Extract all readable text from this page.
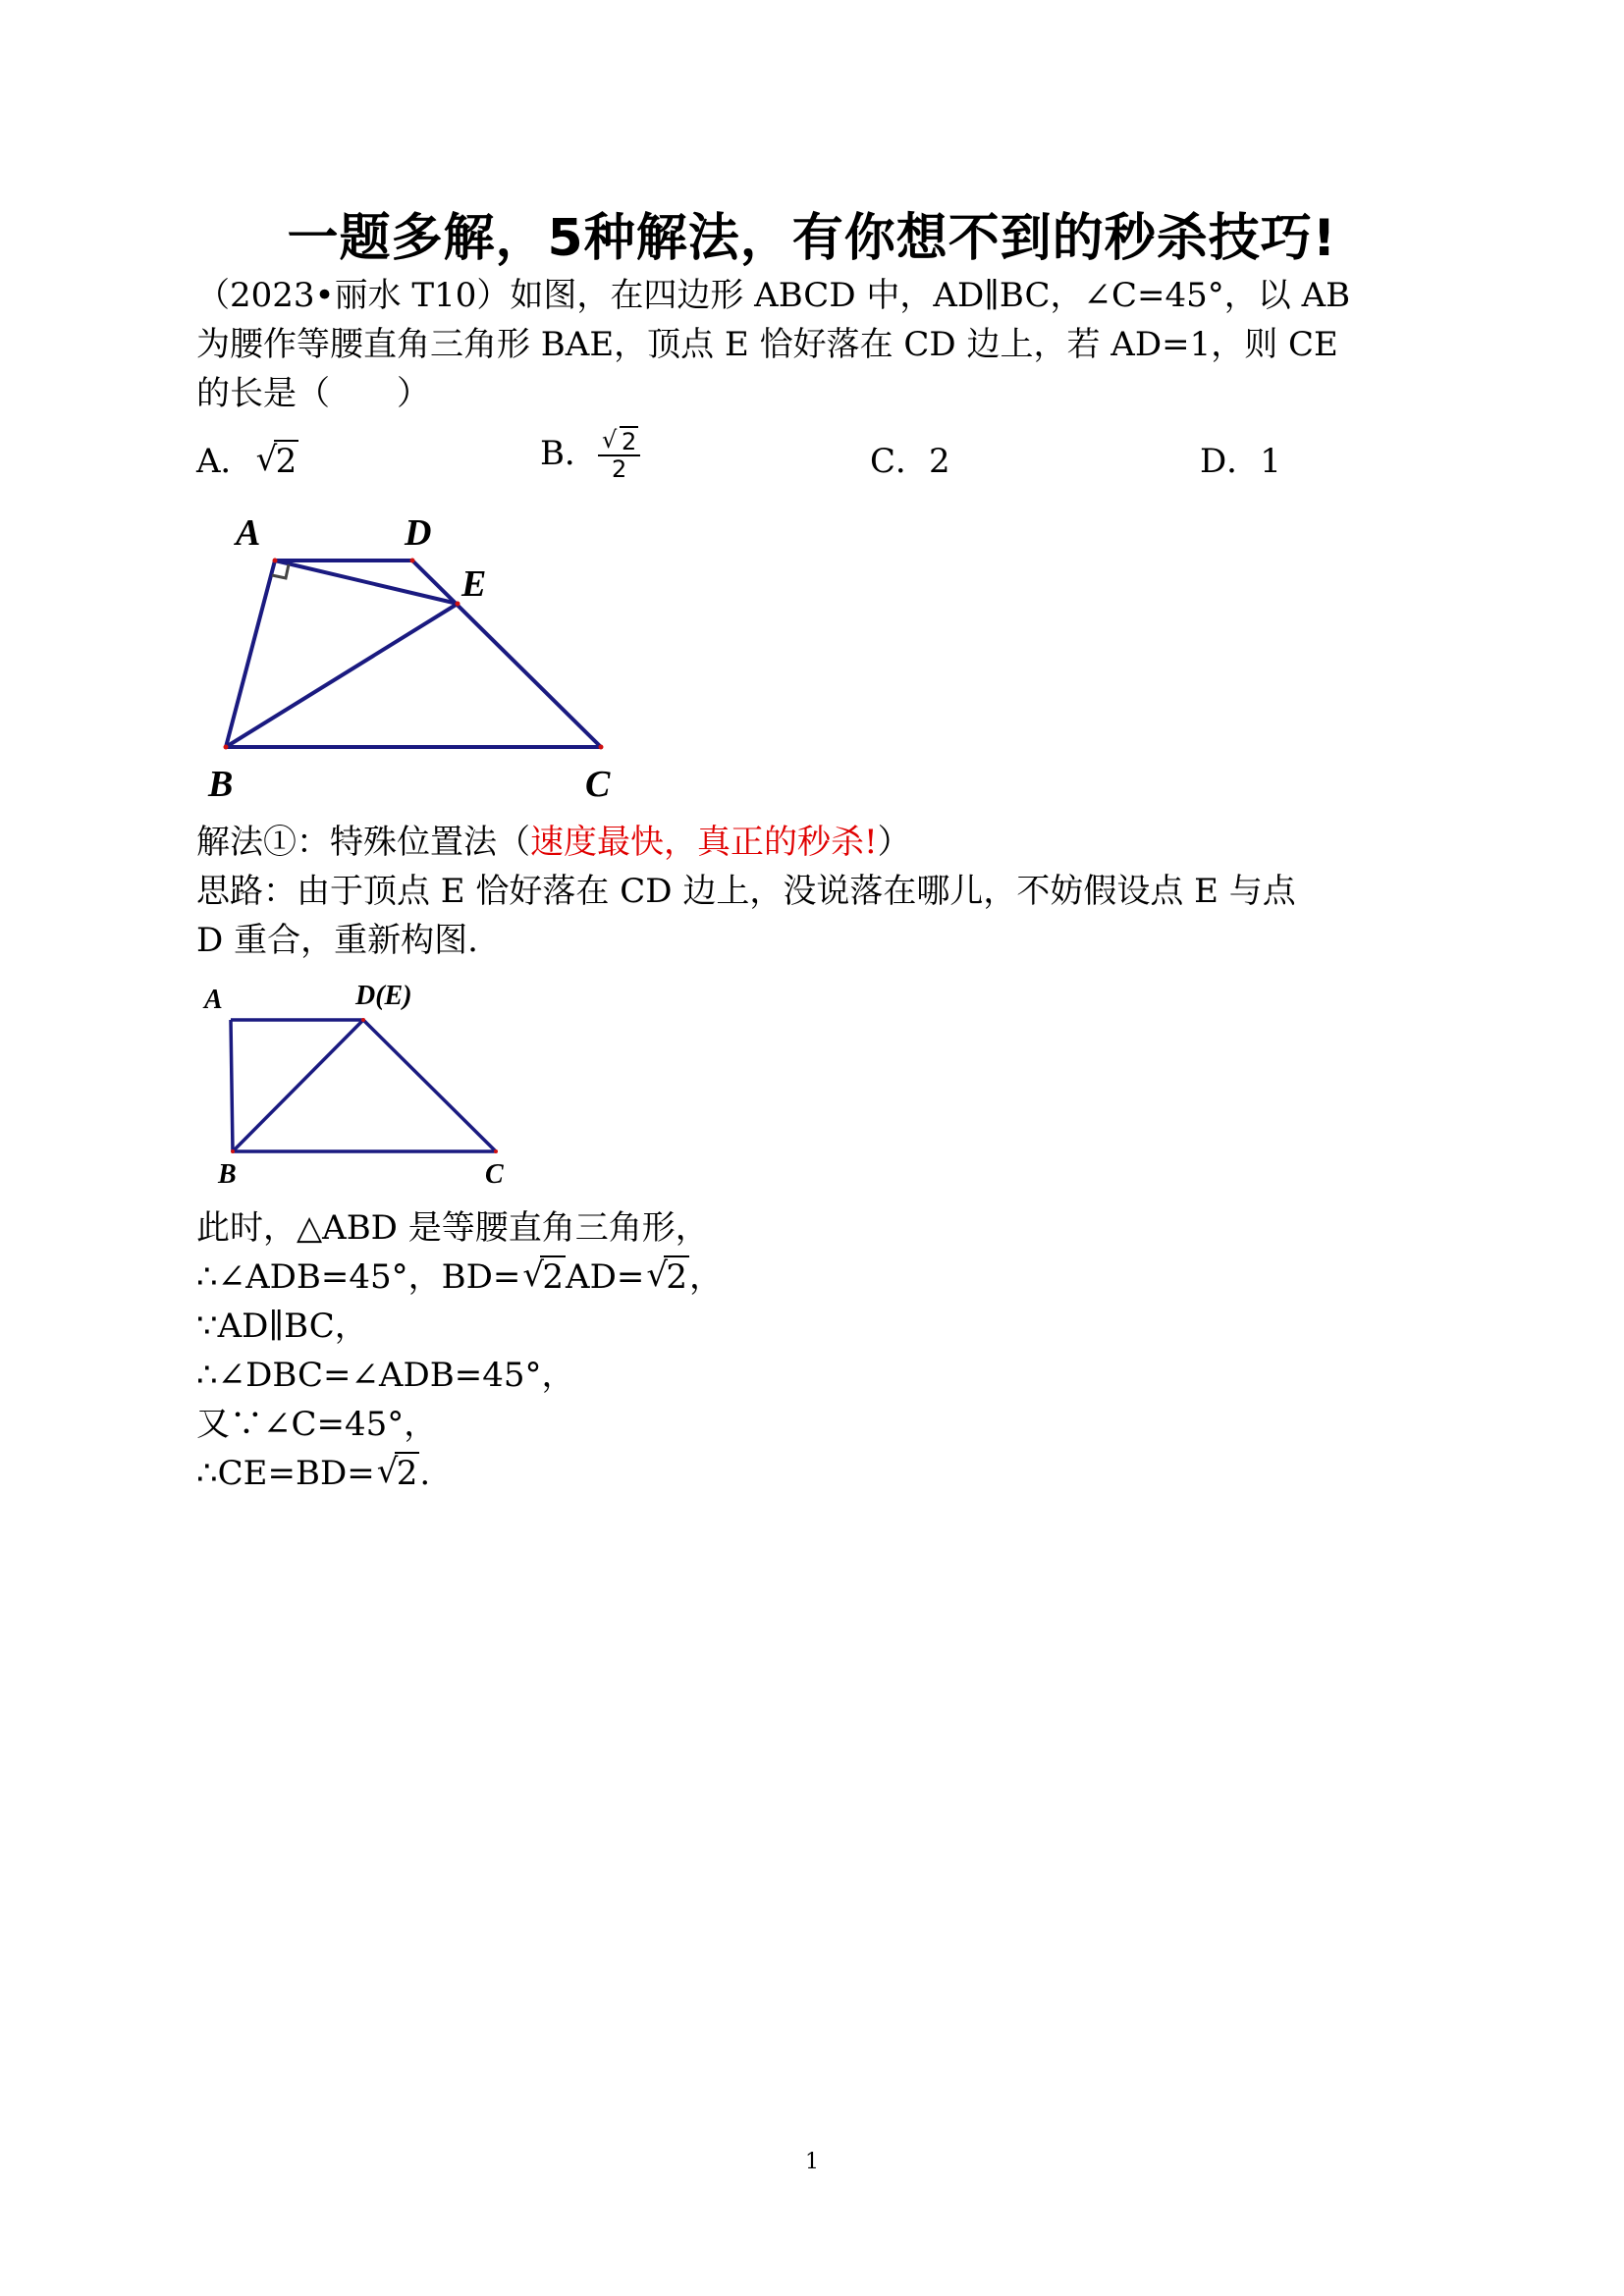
一题多解，5种解法，有你想不到的秒杀技巧!
（2023•丽水 T10）如图，在四边形 ABCD 中，AD∥BC，∠C=45°，以 AB
为腰作等腰直角三角形 BAE，顶点 E 恰好落在 CD 边上，若 AD=1，则 CE
的长是（　　）
A． √
2	B． $\frac{√ 2}{2}$	C．2	D．1
A	D
E
B	C
解法①：特殊位置法（速度最快，真正的秒杀!）
思路：由于顶点 E 恰好落在 CD 边上，没说落在哪儿，不妨假设点 E 与点
D 重合，重新构图.
A	D(E)
B	C
此时，△ABD 是等腰直角三角形，
∴∠ADB=45°，BD= √
2AD= √
2，
∵AD∥BC，
∴∠DBC=∠ADB=45°，
又∵∠C=45°，
∴CE=BD= √
2.
1
